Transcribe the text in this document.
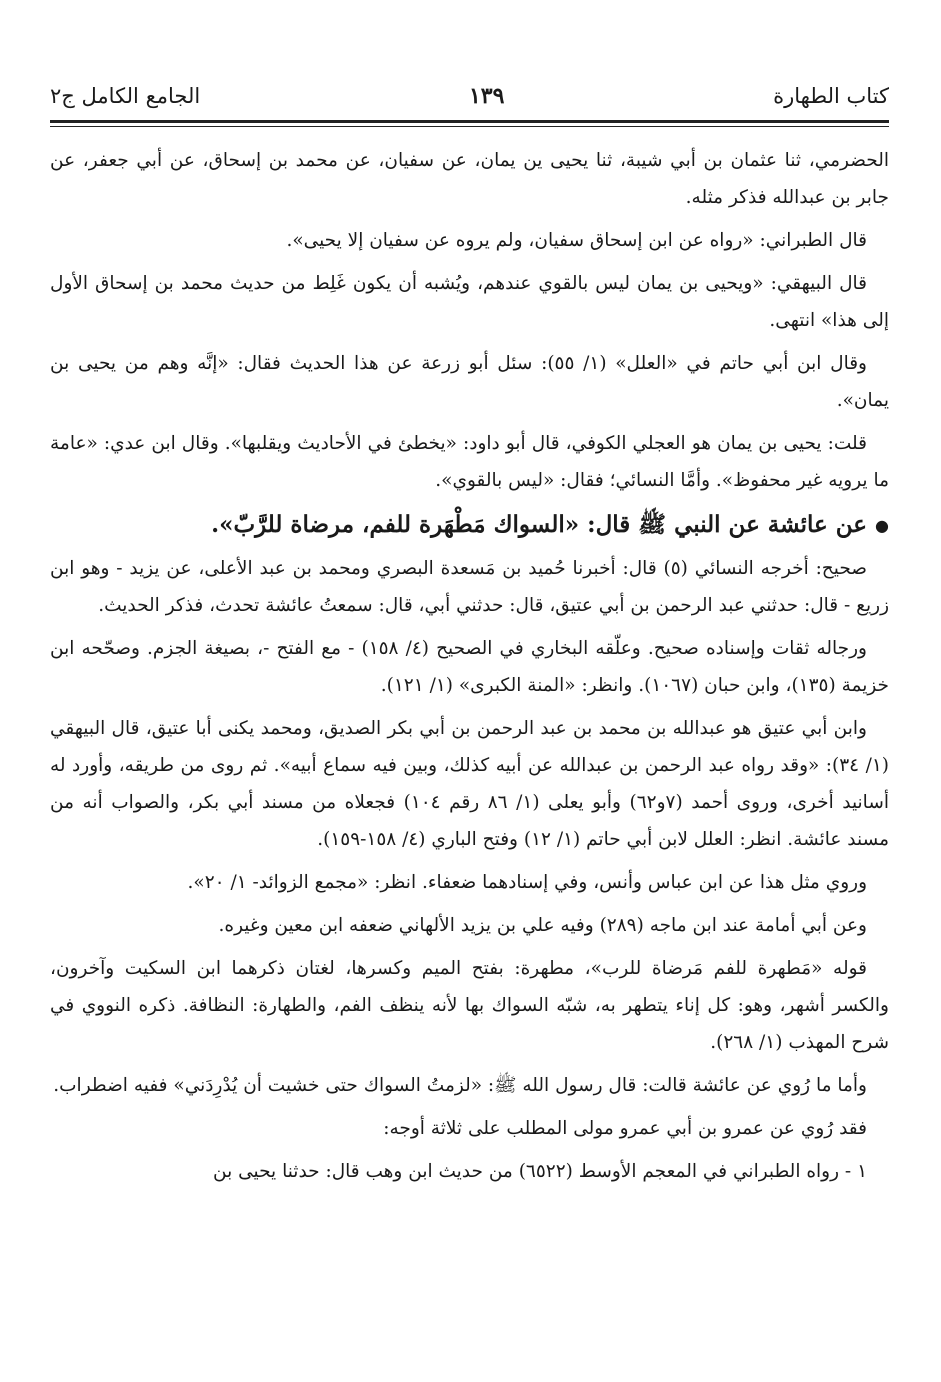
كتاب الطهارة
١٣٩
الجامع الكامل ج٢

الحضرمي، ثنا عثمان بن أبي شيبة، ثنا يحيى ين يمان، عن سفيان، عن محمد بن إسحاق، عن أبي جعفر، عن جابر بن عبدالله فذكر مثله.

قال الطبراني: «رواه عن ابن إسحاق سفيان، ولم يروه عن سفيان إلا يحيى».

قال البيهقي: «ويحيى بن يمان ليس بالقوي عندهم، ويُشبه أن يكون غَلِط من حديث محمد بن إسحاق الأول إلى هذا» انتهى.

وقال ابن أبي حاتم في «العلل» (١/ ٥٥): سئل أبو زرعة عن هذا الحديث فقال: «إنَّه وهم من يحيى بن يمان».

قلت: يحيى بن يمان هو العجلي الكوفي، قال أبو داود: «يخطئ في الأحاديث ويقلبها». وقال ابن عدي: «عامة ما يرويه غير محفوظ». وأمَّا النسائي؛ فقال: «ليس بالقوي».

●عن عائشة عن النبي ﷺ قال: «السواك مَطْهَرة للفم، مرضاة للرَّبّ».

صحيح: أخرجه النسائي (٥) قال: أخبرنا حُميد بن مَسعدة البصري ومحمد بن عبد الأعلى، عن يزيد - وهو ابن زريع - قال: حدثني عبد الرحمن بن أبي عتيق، قال: حدثني أبي، قال: سمعتُ عائشة تحدث، فذكر الحديث.

ورجاله ثقات وإسناده صحيح. وعلّقه البخاري في الصحيح (٤/ ١٥٨) - مع الفتح -، بصيغة الجزم. وصحّحه ابن خزيمة (١٣٥)، وابن حبان (١٠٦٧). وانظر: «المنة الكبرى» (١/ ١٢١).

وابن أبي عتيق هو عبدالله بن محمد بن عبد الرحمن بن أبي بكر الصديق، ومحمد يكنى أبا عتيق، قال البيهقي (١/ ٣٤): «وقد رواه عبد الرحمن بن عبدالله عن أبيه كذلك، وبين فيه سماع أبيه». ثم روى من طريقه، وأورد له أسانيد أخرى، وروى أحمد (٧و٦٢) وأبو يعلى (١/ ٨٦ رقم ١٠٤) فجعلاه من مسند أبي بكر، والصواب أنه من مسند عائشة. انظر: العلل لابن أبي حاتم (١/ ١٢) وفتح الباري (٤/ ١٥٨-١٥٩).

وروي مثل هذا عن ابن عباس وأنس، وفي إسنادهما ضعفاء. انظر: «مجمع الزوائد- ١/ ٢٠».

وعن أبي أمامة عند ابن ماجه (٢٨٩) وفيه علي بن يزيد الألهاني ضعفه ابن معين وغيره.

قوله «مَطهرة للفم مَرضاة للرب»، مطهرة: بفتح الميم وكسرها، لغتان ذكرهما ابن السكيت وآخرون، والكسر أشهر، وهو: كل إناء يتطهر به، شبّه السواك بها لأنه ينظف الفم، والطهارة: النظافة. ذكره النووي في شرح المهذب (١/ ٢٦٨).

وأما ما رُوي عن عائشة قالت: قال رسول الله ﷺ: «لزمتُ السواك حتى خشيت أن يُدْرِدَني» ففيه اضطراب.

فقد رُوي عن عمرو بن أبي عمرو مولى المطلب على ثلاثة أوجه:

١ - رواه الطبراني في المعجم الأوسط (٦٥٢٢) من حديث ابن وهب قال: حدثنا يحيى بن
